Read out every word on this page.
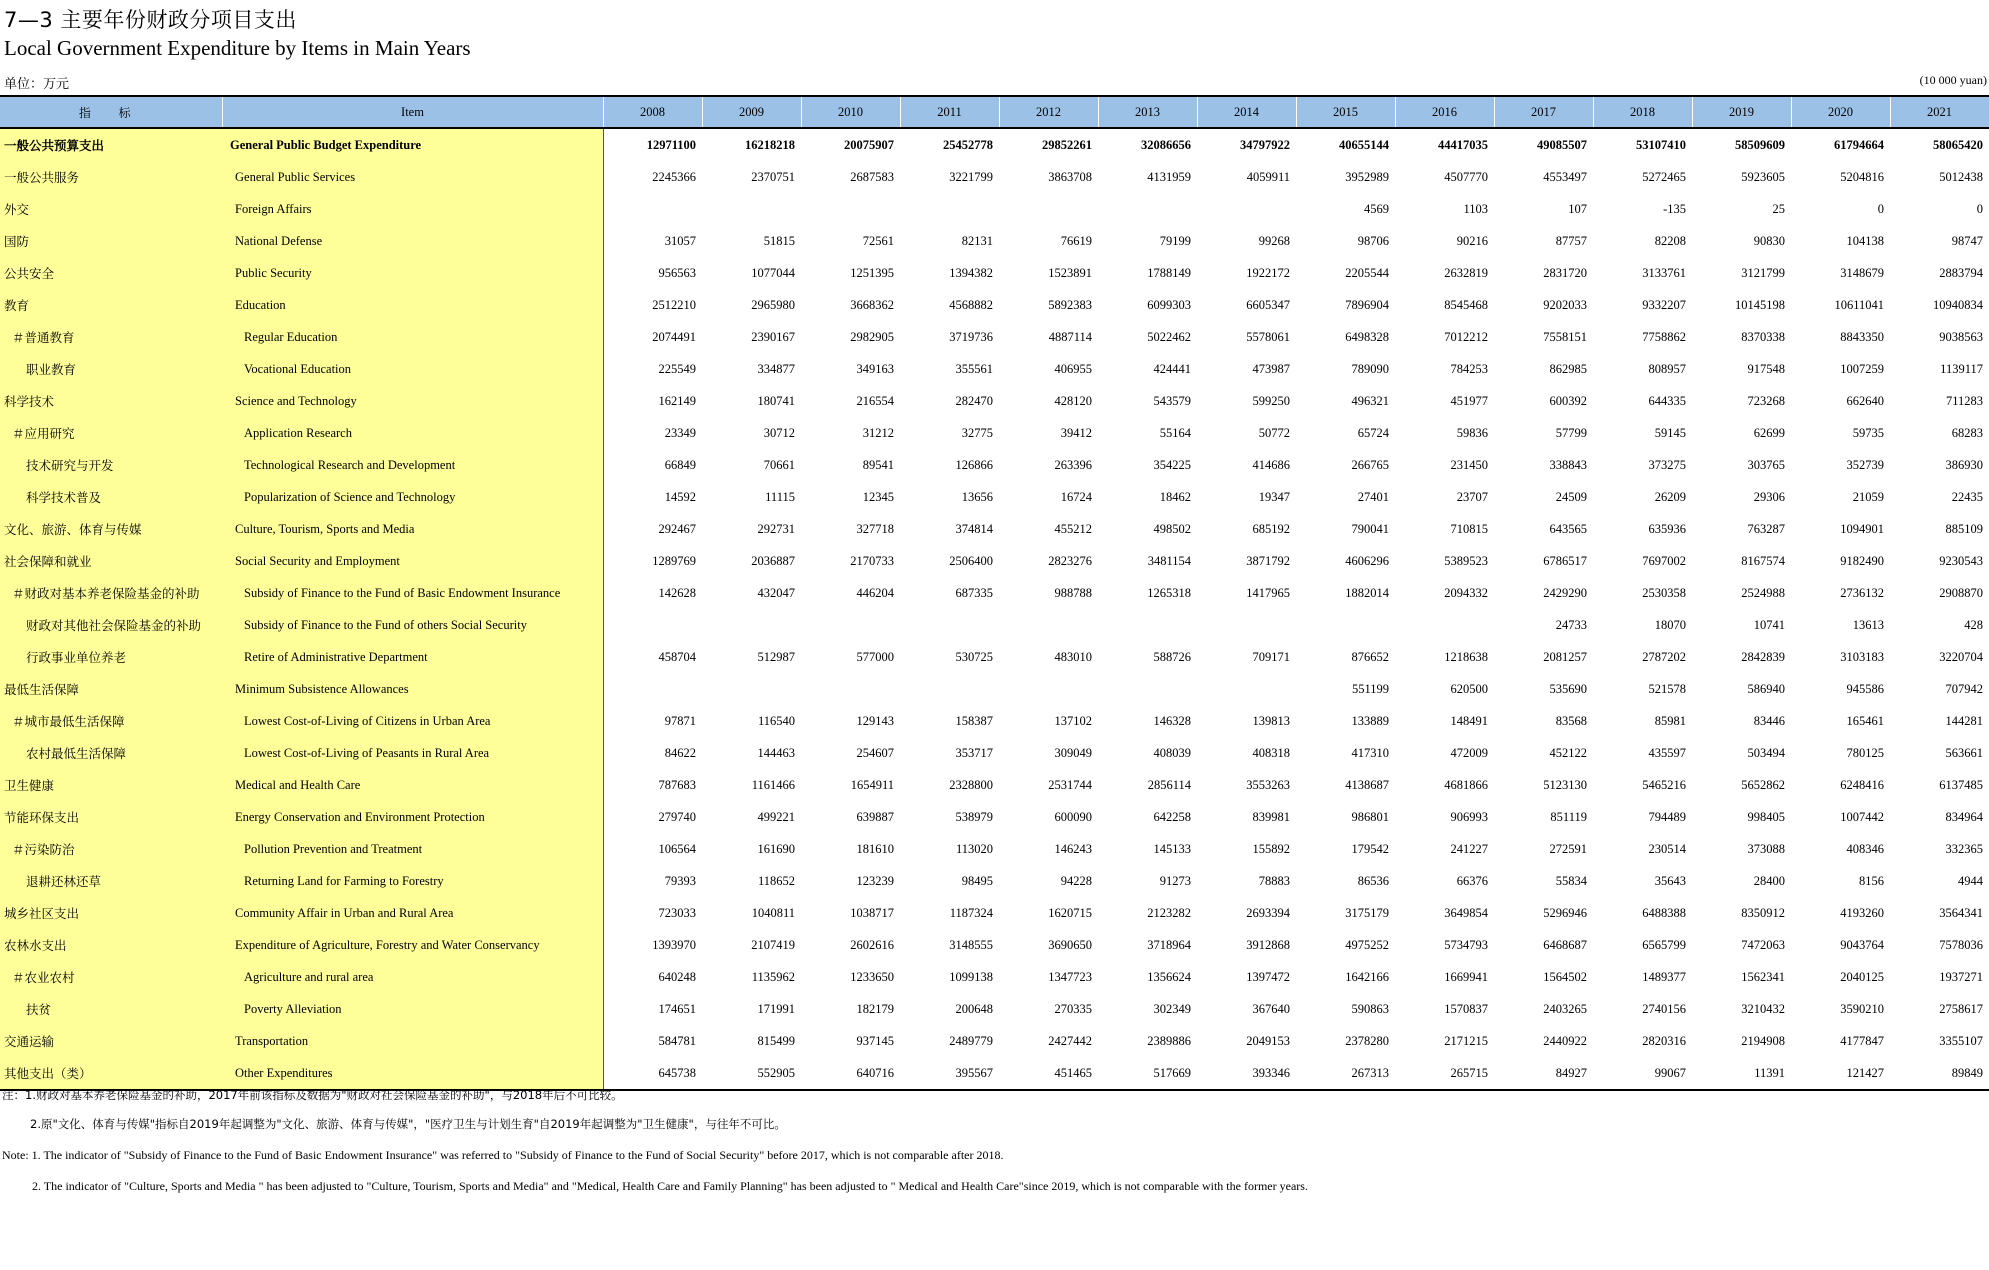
7—3 主要年份财政分项目支出
Local Government Expenditure by Items in Main Years
单位：万元	(10 000 yuan)
指 标	Item	2008	2009	2010	2011	2012	2013	2014	2015	2016	2017	2018	2019	2020	2021
一般公共预算支出	General Public Budget Expenditure	12971100	16218218	20075907	25452778	29852261	32086656	34797922	40655144	44417035	49085507	53107410	58509609	61794664	58065420
一般公共服务	General Public Services	2245366	2370751	2687583	3221799	3863708	4131959	4059911	3952989	4507770	4553497	5272465	5923605	5204816	5012438
外交	Foreign Affairs								4569	1103	107	-135	25	0	0
国防	National Defense	31057	51815	72561	82131	76619	79199	99268	98706	90216	87757	82208	90830	104138	98747
公共安全	Public Security	956563	1077044	1251395	1394382	1523891	1788149	1922172	2205544	2632819	2831720	3133761	3121799	3148679	2883794
教育	Education	2512210	2965980	3668362	4568882	5892383	6099303	6605347	7896904	8545468	9202033	9332207	10145198	10611041	10940834
＃普通教育	Regular Education	2074491	2390167	2982905	3719736	4887114	5022462	5578061	6498328	7012212	7558151	7758862	8370338	8843350	9038563
职业教育	Vocational Education	225549	334877	349163	355561	406955	424441	473987	789090	784253	862985	808957	917548	1007259	1139117
科学技术	Science and Technology	162149	180741	216554	282470	428120	543579	599250	496321	451977	600392	644335	723268	662640	711283
＃应用研究	Application Research	23349	30712	31212	32775	39412	55164	50772	65724	59836	57799	59145	62699	59735	68283
技术研究与开发	Technological Research and Development	66849	70661	89541	126866	263396	354225	414686	266765	231450	338843	373275	303765	352739	386930
科学技术普及	Popularization of Science and Technology	14592	11115	12345	13656	16724	18462	19347	27401	23707	24509	26209	29306	21059	22435
文化、旅游、体育与传媒	Culture, Tourism, Sports and Media	292467	292731	327718	374814	455212	498502	685192	790041	710815	643565	635936	763287	1094901	885109
社会保障和就业	Social Security and Employment	1289769	2036887	2170733	2506400	2823276	3481154	3871792	4606296	5389523	6786517	7697002	8167574	9182490	9230543
＃财政对基本养老保险基金的补助	Subsidy of Finance to the Fund of Basic Endowment Insurance	142628	432047	446204	687335	988788	1265318	1417965	1882014	2094332	2429290	2530358	2524988	2736132	2908870
财政对其他社会保险基金的补助	Subsidy of Finance to the Fund of others Social Security										24733	18070	10741	13613	428
行政事业单位养老	Retire of Administrative Department	458704	512987	577000	530725	483010	588726	709171	876652	1218638	2081257	2787202	2842839	3103183	3220704
最低生活保障	Minimum Subsistence Allowances								551199	620500	535690	521578	586940	945586	707942
＃城市最低生活保障	Lowest Cost-of-Living of Citizens in Urban Area	97871	116540	129143	158387	137102	146328	139813	133889	148491	83568	85981	83446	165461	144281
农村最低生活保障	Lowest Cost-of-Living of Peasants in Rural Area	84622	144463	254607	353717	309049	408039	408318	417310	472009	452122	435597	503494	780125	563661
卫生健康	Medical and Health Care	787683	1161466	1654911	2328800	2531744	2856114	3553263	4138687	4681866	5123130	5465216	5652862	6248416	6137485
节能环保支出	Energy Conservation and Environment Protection	279740	499221	639887	538979	600090	642258	839981	986801	906993	851119	794489	998405	1007442	834964
＃污染防治	Pollution Prevention and Treatment	106564	161690	181610	113020	146243	145133	155892	179542	241227	272591	230514	373088	408346	332365
退耕还林还草	Returning Land for Farming to Forestry	79393	118652	123239	98495	94228	91273	78883	86536	66376	55834	35643	28400	8156	4944
城乡社区支出	Community Affair in Urban and Rural Area	723033	1040811	1038717	1187324	1620715	2123282	2693394	3175179	3649854	5296946	6488388	8350912	4193260	3564341
农林水支出	Expenditure of Agriculture, Forestry and Water Conservancy	1393970	2107419	2602616	3148555	3690650	3718964	3912868	4975252	5734793	6468687	6565799	7472063	9043764	7578036
＃农业农村	Agriculture and rural area	640248	1135962	1233650	1099138	1347723	1356624	1397472	1642166	1669941	1564502	1489377	1562341	2040125	1937271
扶贫	Poverty Alleviation	174651	171991	182179	200648	270335	302349	367640	590863	1570837	2403265	2740156	3210432	3590210	2758617
交通运输	Transportation	584781	815499	937145	2489779	2427442	2389886	2049153	2378280	2171215	2440922	2820316	2194908	4177847	3355107
其他支出（类）	Other Expenditures	645738	552905	640716	395567	451465	517669	393346	267313	265715	84927	99067	11391	121427	89849
注：1.财政对基本养老保险基金的补助，2017年前该指标及数据为"财政对社会保险基金的补助"，与2018年后不可比较。
2.原"文化、体育与传媒"指标自2019年起调整为"文化、旅游、体育与传媒"，"医疗卫生与计划生育"自2019年起调整为"卫生健康"，与往年不可比。
Note: 1. The indicator of "Subsidy of Finance to the Fund of Basic Endowment Insurance" was referred to "Subsidy of Finance to the Fund of Social Security" before 2017, which is not comparable after 2018.
2. The indicator of "Culture, Sports and Media " has been adjusted to "Culture, Tourism, Sports and Media" and "Medical, Health Care and Family Planning" has been adjusted to " Medical and Health Care"since 2019, which is not comparable with the former years.
